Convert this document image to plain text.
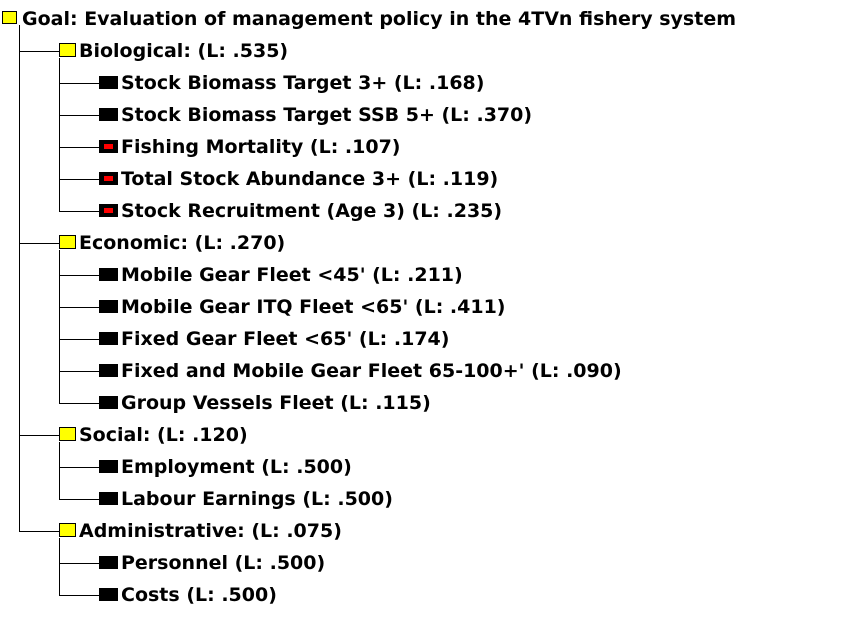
Goal: Evaluation of management policy in the 4TVn fishery system
Biological: (L: .535)
Stock Biomass Target 3+ (L: .168)
Stock Biomass Target SSB 5+ (L: .370)
Fishing Mortality (L: .107)
Total Stock Abundance 3+ (L: .119)
Stock Recruitment (Age 3) (L: .235)
Economic: (L: .270)
Mobile Gear Fleet <45' (L: .211)
Mobile Gear ITQ Fleet <65' (L: .411)
Fixed Gear Fleet <65' (L: .174)
Fixed and Mobile Gear Fleet 65-100+' (L: .090)
Group Vessels Fleet (L: .115)
Social: (L: .120)
Employment (L: .500)
Labour Earnings (L: .500)
Administrative: (L: .075)
Personnel (L: .500)
Costs (L: .500)
